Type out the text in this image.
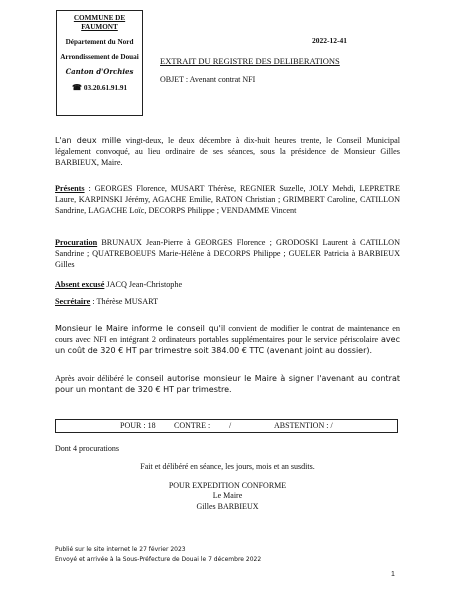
COMMUNE DE FAUMONT
Département du Nord
Arrondissement de Douai
Canton d'Orchies
☎ 03.20.61.91.91
2022-12-41
EXTRAIT DU REGISTRE DES DELIBERATIONS
OBJET : Avenant contrat NFI
L'an deux mille vingt-deux, le deux décembre à dix-huit heures trente, le Conseil Municipal légalement convoqué, au lieu ordinaire de ses séances, sous la présidence de Monsieur Gilles BARBIEUX, Maire.
Présents : GEORGES Florence, MUSART Thérèse, REGNIER Suzelle, JOLY Mehdi, LEPRETRE Laure, KARPINSKI Jérémy, AGACHE Emilie, RATON Christian ; GRIMBERT Caroline, CATILLON Sandrine, LAGACHE Loïc, DECORPS Philippe ; VENDAMME Vincent
Procuration BRUNAUX Jean-Pierre à GEORGES Florence ; GRODOSKI Laurent à CATILLON Sandrine ; QUATREBOEUFS Marie-Hélène à DECORPS Philippe ; GUELER Patricia à BARBIEUX Gilles
Absent excusé JACQ Jean-Christophe
Secrétaire : Thérèse MUSART
Monsieur le Maire informe le conseil qu'il convient de modifier le contrat de maintenance en cours avec NFI en intégrant 2 ordinateurs portables supplémentaires pour le service périscolaire avec un coût de 320 € HT par trimestre soit 384.00 € TTC (avenant joint au dossier).
Après avoir délibéré le conseil autorise monsieur le Maire à signer l'avenant au contrat pour un montant de 320 € HT par trimestre.
POUR : 18 CONTRE : /	ABSTENTION : /
Dont 4 procurations
Fait et délibéré en séance, les jours, mois et an susdits.
POUR EXPEDITION CONFORME
Le Maire
Gilles BARBIEUX
Publié sur le site internet le 27 février 2023
Envoyé et arrivée à la Sous-Préfecture de Douai le 7 décembre 2022
1
